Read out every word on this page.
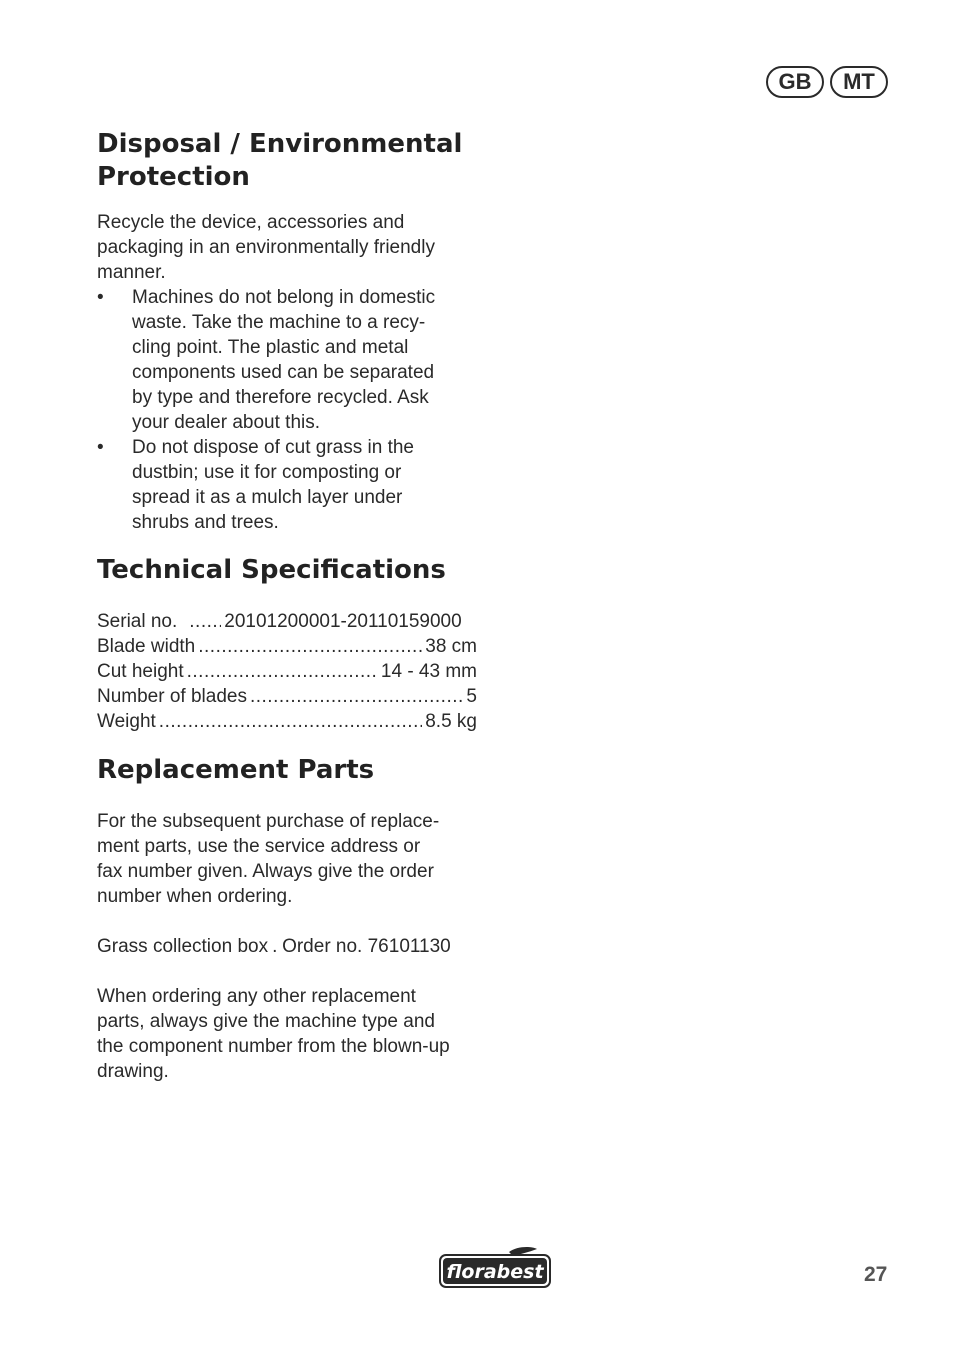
GB	MT
Disposal / Environmental
Protection

Recycle the device, accessories and
packaging in an environmentally friendly
manner.

• Machines do not belong in domestic
waste. Take the machine to a recy-
cling point. The plastic and metal
components used can be separated
by type and therefore recycled. Ask
your dealer about this.
• Do not dispose of cut grass in the
dustbin; use it for composting or
spread it as a mulch layer under
shrubs and trees.
Technical Specifications
Serial no. ..... 20101200001-20110159000
Blade width .....	38 cm
Cut height .....	14 - 43 mm
Number of blades .....	5
Weight .....	8.5 kg
Replacement Parts

For the subsequent purchase of replace-
ment parts, use the service address or
fax number given. Always give the order
number when ordering.

Grass collection box ..... Order no. 76101130

When ordering any other replacement
parts, always give the machine type and
the component number from the blown-up
drawing.

florabest	27
